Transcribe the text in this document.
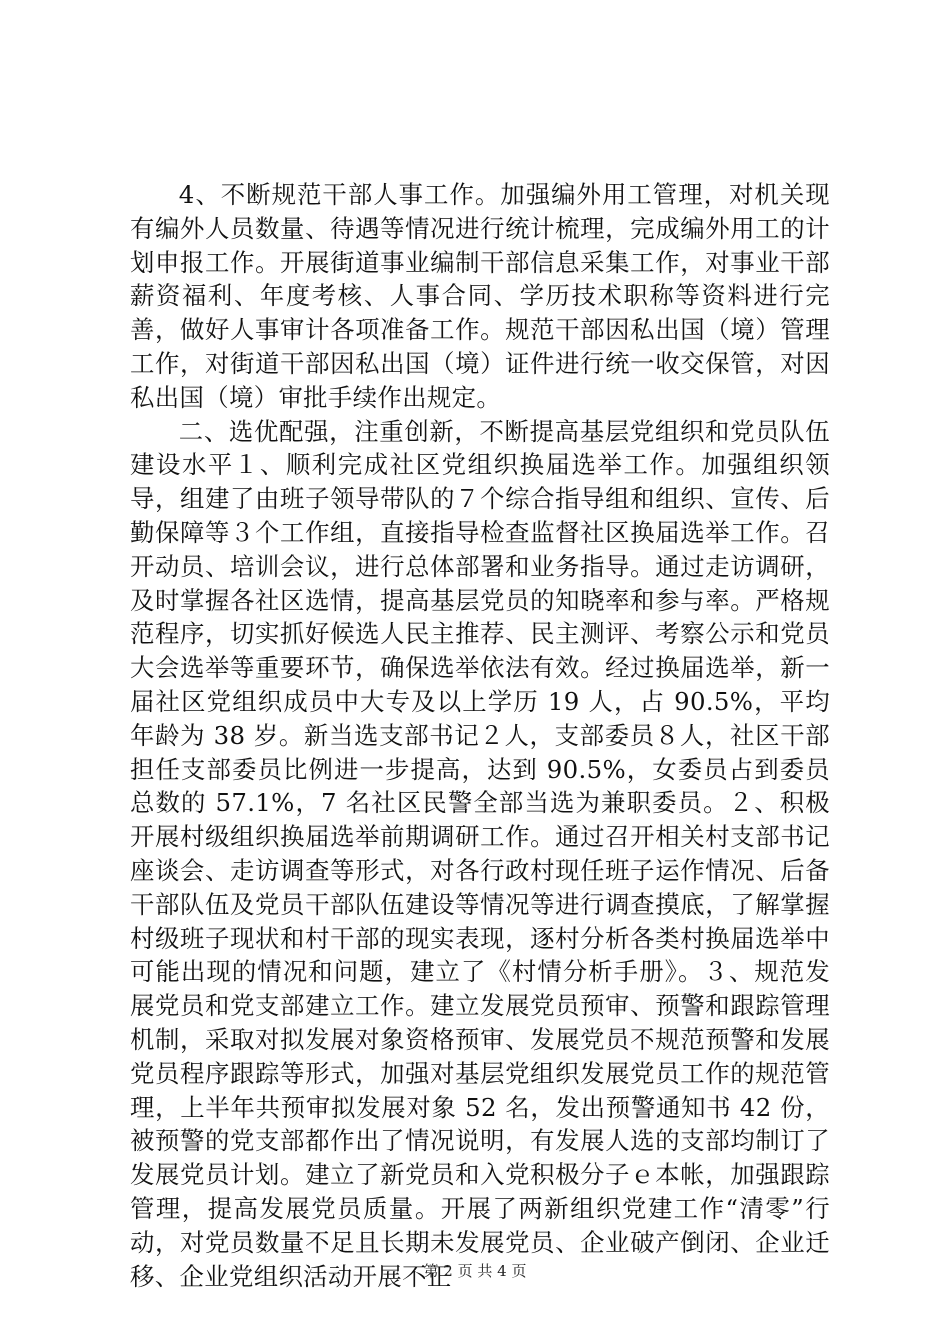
4、不断规范干部人事工作。加强编外用工管理，对机关现有编外人员数量、待遇等情况进行统计梳理，完成编外用工的计划申报工作。开展街道事业编制干部信息采集工作，对事业干部薪资福利、年度考核、人事合同、学历技术职称等资料进行完善，做好人事审计各项准备工作。规范干部因私出国（境）管理工作，对街道干部因私出国（境）证件进行统一收交保管，对因私出国（境）审批手续作出规定。

二、选优配强，注重创新，不断提高基层党组织和党员队伍建设水平１、顺利完成社区党组织换届选举工作。加强组织领导，组建了由班子领导带队的７个综合指导组和组织、宣传、后勤保障等３个工作组，直接指导检查监督社区换届选举工作。召开动员、培训会议，进行总体部署和业务指导。通过走访调研，及时掌握各社区选情，提高基层党员的知晓率和参与率。严格规范程序，切实抓好候选人民主推荐、民主测评、考察公示和党员大会选举等重要环节，确保选举依法有效。经过换届选举，新一届社区党组织成员中大专及以上学历 19 人，占 90.5%，平均年龄为 38 岁。新当选支部书记２人，支部委员８人，社区干部担任支部委员比例进一步提高，达到 90.5%，女委员占到委员总数的 57.1%，7 名社区民警全部当选为兼职委员。２、积极开展村级组织换届选举前期调研工作。通过召开相关村支部书记座谈会、走访调查等形式，对各行政村现任班子运作情况、后备干部队伍及党员干部队伍建设等情况等进行调查摸底，了解掌握村级班子现状和村干部的现实表现，逐村分析各类村换届选举中可能出现的情况和问题，建立了《村情分析手册》。３、规范发展党员和党支部建立工作。建立发展党员预审、预警和跟踪管理机制，采取对拟发展对象资格预审、发展党员不规范预警和发展党员程序跟踪等形式，加强对基层党组织发展党员工作的规范管理，上半年共预审拟发展对象 52 名，发出预警通知书 42 份，被预警的党支部都作出了情况说明，有发展人选的支部均制订了发展党员计划。建立了新党员和入党积极分子ｅ本帐，加强跟踪管理，提高发展党员质量。开展了两新组织党建工作“清零”行动，对党员数量不足且长期未发展党员、企业破产倒闭、企业迁移、企业党组织活动开展不正

第 2 页 共 4 页
